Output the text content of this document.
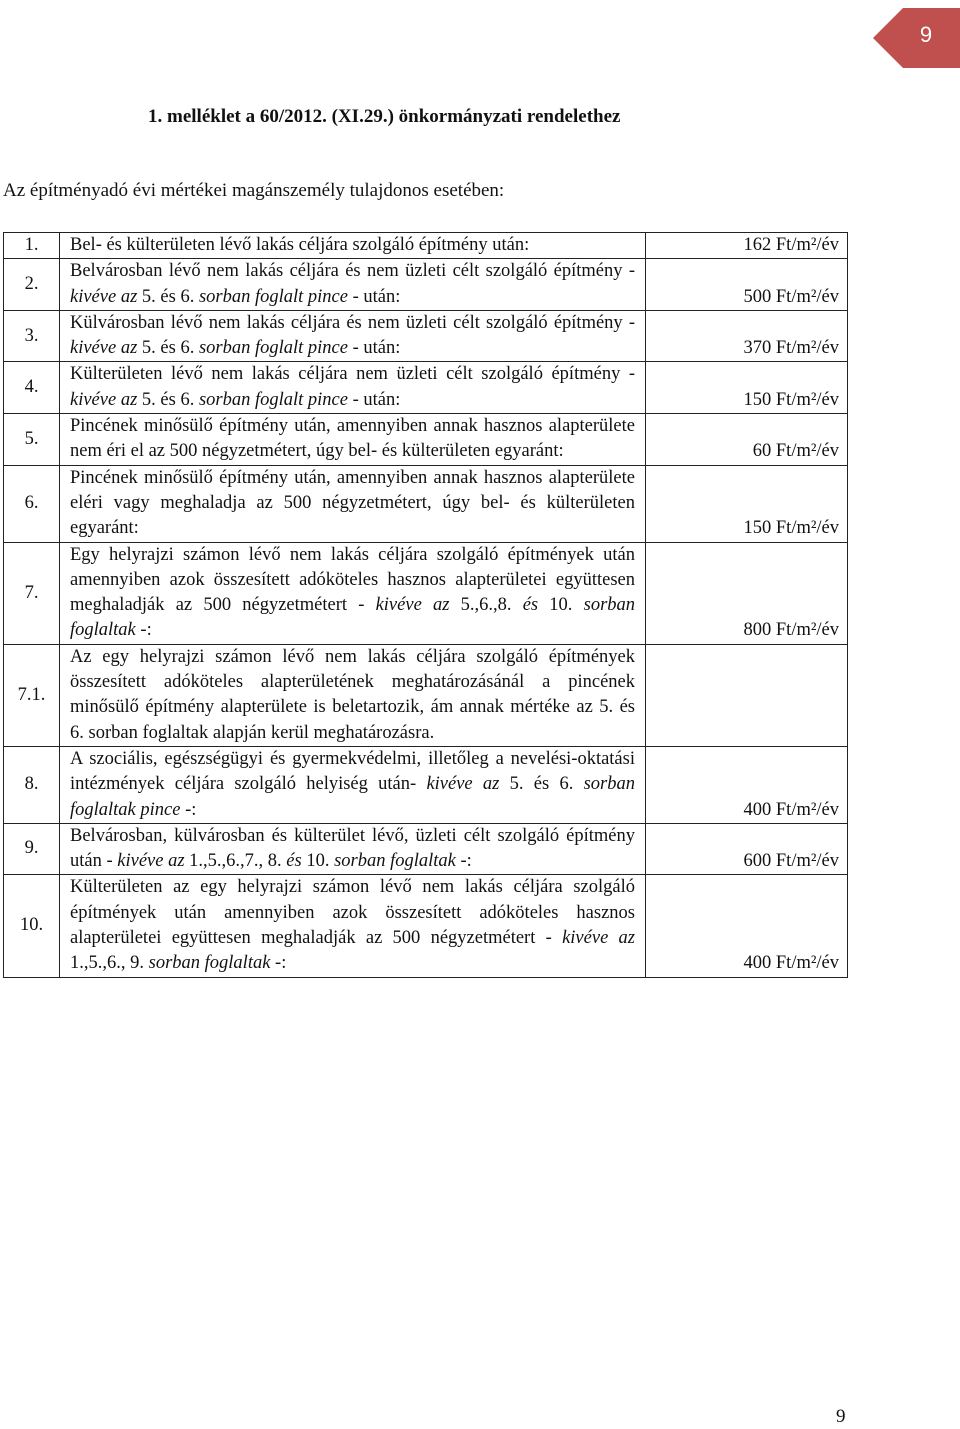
9
1. melléklet a 60/2012. (XI.29.) önkormányzati rendelethez
Az építményadó évi mértékei magánszemély tulajdonos esetében:
1.	Bel- és külterületen lévő lakás céljára szolgáló építmény után:	162 Ft/m²/év
2.	Belvárosban lévő nem lakás céljára és nem üzleti célt szolgáló építmény - kivéve az 5. és 6. sorban foglalt pince - után:	500 Ft/m²/év
3.	Külvárosban lévő nem lakás céljára és nem üzleti célt szolgáló építmény - kivéve az 5. és 6. sorban foglalt pince - után:	370 Ft/m²/év
4.	Külterületen lévő nem lakás céljára nem üzleti célt szolgáló építmény - kivéve az 5. és 6. sorban foglalt pince - után:	150 Ft/m²/év
5.	Pincének minősülő építmény után, amennyiben annak hasznos alapterülete nem éri el az 500 négyzetmétert, úgy bel- és külterületen egyaránt:	60 Ft/m²/év
6.	Pincének minősülő építmény után, amennyiben annak hasznos alapterülete eléri vagy meghaladja az 500 négyzetmétert, úgy bel- és külterületen egyaránt:	150 Ft/m²/év
7.	Egy helyrajzi számon lévő nem lakás céljára szolgáló építmények után amennyiben azok összesített adóköteles hasznos alapterületei együttesen meghaladják az 500 négyzetmétert - kivéve az 5.,6.,8. és 10. sorban foglaltak -:	800 Ft/m²/év
7.1.	Az egy helyrajzi számon lévő nem lakás céljára szolgáló építmények összesített adóköteles alapterületének meghatározásánál a pincének minősülő építmény alapterülete is beletartozik, ám annak mértéke az 5. és 6. sorban foglaltak alapján kerül meghatározásra.	
8.	A szociális, egészségügyi és gyermekvédelmi, illetőleg a nevelési-oktatási intézmények céljára szolgáló helyiség után- kivéve az 5. és 6. sorban foglaltak pince -:	400 Ft/m²/év
9.	Belvárosban, külvárosban és külterület lévő, üzleti célt szolgáló építmény után - kivéve az 1.,5.,6.,7., 8. és 10. sorban foglaltak -:	600 Ft/m²/év
10.	Külterületen az egy helyrajzi számon lévő nem lakás céljára szolgáló építmények után amennyiben azok összesített adóköteles hasznos alapterületei együttesen meghaladják az 500 négyzetmétert - kivéve az 1.,5.,6., 9. sorban foglaltak -:	400 Ft/m²/év
9
